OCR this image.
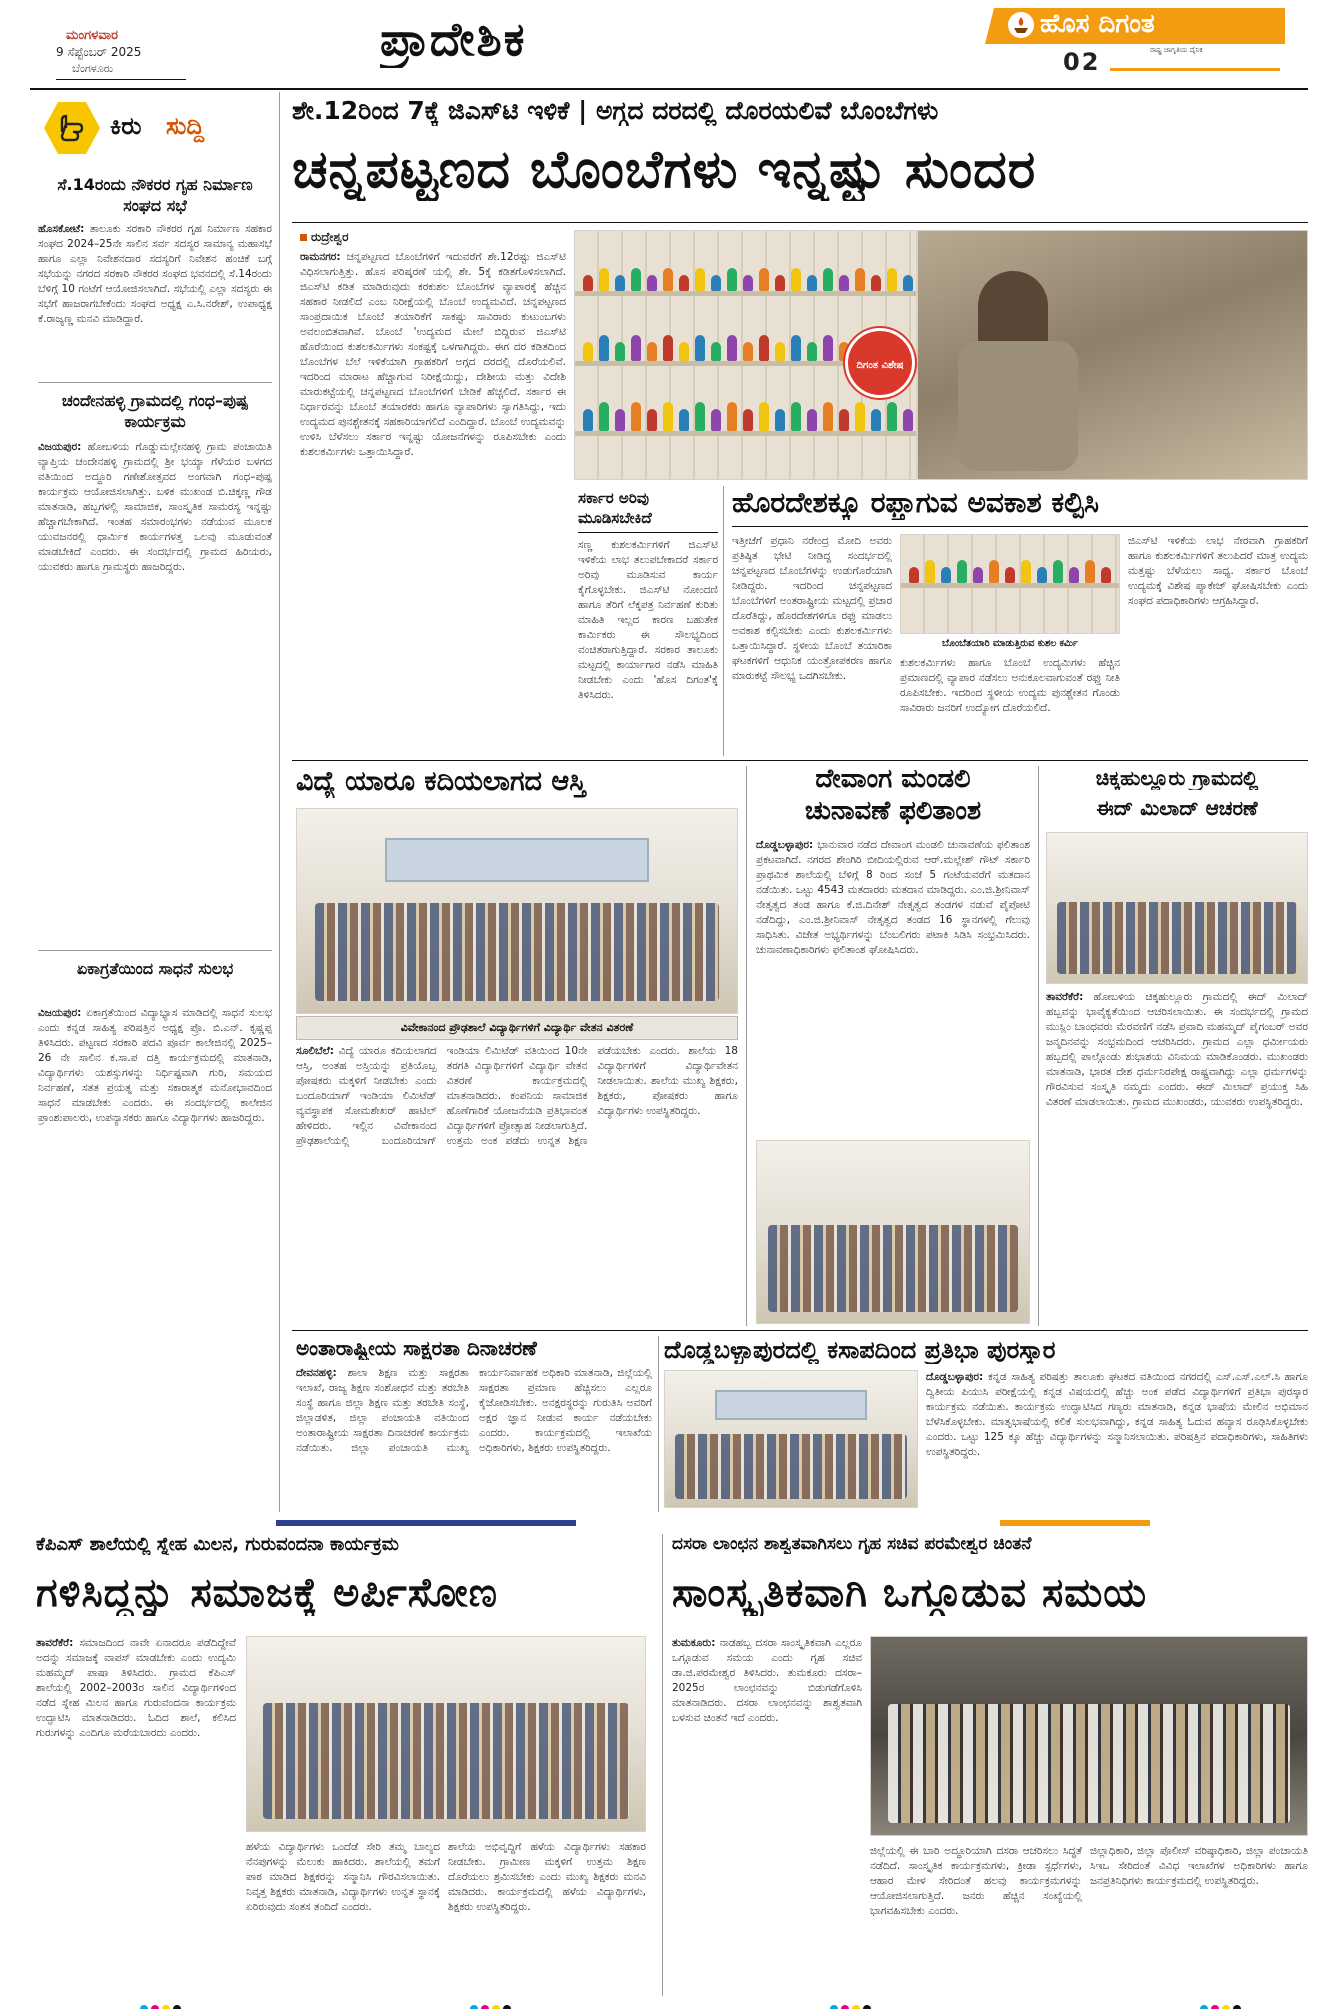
ಮಂಗಳವಾರ
9 ಸೆಪ್ಟೆಂಬರ್ 2025
ಬೆಂಗಳೂರು
ಪ್ರಾದೇಶಿಕ	ಹೊಸ ದಿಗಂತ
ರಾಷ್ಟ್ರ ಜಾಗೃತಿಯ ದೈನಿಕ
02
ಕಿರು ಸುದ್ದಿ
ಸೆ.14ರಂದು ನೌಕರರ ಗೃಹ ನಿರ್ಮಾಣ ಸಂಘದ ಸಭೆ
ಹೊಸಕೋಟೆ: ತಾಲೂಕು ಸರಕಾರಿ ನೌಕರರ ಗೃಹ ನಿರ್ಮಾಣ ಸಹಕಾರ ಸಂಘದ 2024–25ನೇ ಸಾಲಿನ ಸರ್ವ ಸದಸ್ಯರ ಸಾಮಾನ್ಯ ಮಹಾಸಭೆ ಹಾಗೂ ಎಲ್ಲಾ ನಿವೇಶನದಾರ ಸದಸ್ಯರಿಗೆ ನಿವೇಶನ ಹಂಚಿಕೆ ಬಗ್ಗೆ ಸಭೆಯನ್ನು ನಗರದ ಸರಕಾರಿ ನೌಕರರ ಸಂಘದ ಭವನದಲ್ಲಿ ಸೆ.14ರಂದು ಬೆಳಿಗ್ಗೆ 10 ಗಂಟೆಗೆ ಆಯೋಜಿಸಲಾಗಿದೆ. ಸಭೆಯಲ್ಲಿ ಎಲ್ಲಾ ಸದಸ್ಯರು ಈ ಸಭೆಗೆ ಹಾಜರಾಗಬೇಕೆಂದು ಸಂಘದ ಅಧ್ಯಕ್ಷ ಎ.ಸಿ.ನರೇಶ್, ಉಪಾಧ್ಯಕ್ಷ ಕೆ.ರಾಜ್ಯಣ್ಣ ಮನವಿ ಮಾಡಿದ್ದಾರೆ.
ಚಂದೇನಹಳ್ಳಿ ಗ್ರಾಮದಲ್ಲಿ ಗಂಧ–ಪುಷ್ಪ ಕಾರ್ಯಕ್ರಮ
ವಿಜಯಪುರ: ಹೋಬಳಿಯ ಗೊಡ್ಡುಮಲ್ಲೇನಹಳ್ಳಿ ಗ್ರಾಮ ಪಂಚಾಯಿತಿ ವ್ಯಾಪ್ತಿಯ ಚಂದೇನಹಳ್ಳಿ ಗ್ರಾಮದಲ್ಲಿ ಶ್ರೀ ಭಯ್ಯಾ ಗೆಳೆಯರ ಬಳಗದ ವತಿಯಿಂದ ಅದ್ಧೂರಿ ಗಣೇಶೋತ್ಸವದ ಅಂಗವಾಗಿ ಗಂಧ–ಪುಷ್ಪ ಕಾರ್ಯಕ್ರಮ ಆಯೋಜಿಸಲಾಗಿತ್ತು. ಬಳಿಕ ಮುಖಂಡ ಬಿ.ಚಿಕ್ಕಣ್ಣ ಗೌಡ ಮಾತನಾಡಿ, ಹಬ್ಬಗಳಲ್ಲಿ ಸಾಮಾಜಿಕ, ಸಾಂಸ್ಕೃತಿಕ ಸಾಮರಸ್ಯ ಇನ್ನಷ್ಟು ಹೆಚ್ಚಾಗಬೇಕಾಗಿದೆ. ಇಂತಹ ಸಮಾರಂಭಗಳು ನಡೆಯುವ ಮೂಲಕ ಯುವಜನರಲ್ಲಿ ಧಾರ್ಮಿಕ ಕಾರ್ಯಗಳತ್ತ ಒಲವು ಮೂಡುವಂತೆ ಮಾಡಬೇಕಿದೆ ಎಂದರು. ಈ ಸಂದರ್ಭದಲ್ಲಿ ಗ್ರಾಮದ ಹಿರಿಯರು, ಯುವಕರು ಹಾಗೂ ಗ್ರಾಮಸ್ಥರು ಹಾಜರಿದ್ದರು.
ಏಕಾಗ್ರತೆಯಿಂದ ಸಾಧನೆ ಸುಲಭ
ವಿಜಯಪುರ: ಏಕಾಗ್ರತೆಯಿಂದ ವಿದ್ಯಾಭ್ಯಾಸ ಮಾಡಿದಲ್ಲಿ ಸಾಧನೆ ಸುಲಭ ಎಂದು ಕನ್ನಡ ಸಾಹಿತ್ಯ ಪರಿಷತ್ತಿನ ಅಧ್ಯಕ್ಷ ಪ್ರೊ. ಬಿ.ಎನ್. ಕೃಷ್ಣಪ್ಪ ತಿಳಿಸಿದರು. ಪಟ್ಟಣದ ಸರಕಾರಿ ಪದವಿ ಪೂರ್ವ ಕಾಲೇಜಿನಲ್ಲಿ 2025–26 ನೇ ಸಾಲಿನ ಕ.ಸಾ.ಪ ದತ್ತಿ ಕಾರ್ಯಕ್ರಮದಲ್ಲಿ ಮಾತನಾಡಿ, ವಿದ್ಯಾರ್ಥಿಗಳು ಯಶಸ್ಸುಗಳನ್ನು ನಿರ್ಧಿಷ್ಟವಾಗಿ ಗುರಿ, ಸಮಯದ ನಿರ್ವಹಣೆ, ಸತತ ಪ್ರಯತ್ನ ಮತ್ತು ಸಕಾರಾತ್ಮಕ ಮನೋಭಾವದಿಂದ ಸಾಧನೆ ಮಾಡಬೇಕು ಎಂದರು. ಈ ಸಂದರ್ಭದಲ್ಲಿ ಕಾಲೇಜಿನ ಪ್ರಾಂಶುಪಾಲರು, ಉಪನ್ಯಾಸಕರು ಹಾಗೂ ವಿದ್ಯಾರ್ಥಿಗಳು ಹಾಜರಿದ್ದರು.
ಶೇ.12ರಿಂದ 7ಕ್ಕೆ ಜಿಎಸ್‌ಟಿ ಇಳಿಕೆ | ಅಗ್ಗದ ದರದಲ್ಲಿ ದೊರಯಲಿವೆ ಬೊಂಬೆಗಳು
ಚನ್ನಪಟ್ಟಣದ ಬೊಂಬೆಗಳು ಇನ್ನಷ್ಟು ಸುಂದರ
ರುದ್ರೇಶ್ವರ
ರಾಮನಗರ: ಚನ್ನಪಟ್ಟಣದ ಬೊಂಬೆಗಳಿಗೆ ಇದುವರೆಗೆ ಶೇ.12ರಷ್ಟು ಜಿಎಸ್‌ಟಿ ವಿಧಿಸಲಾಗುತ್ತಿತ್ತು. ಹೊಸ ಪರಿಷ್ಕರಣೆ ಯಲ್ಲಿ ಶೇ. 5ಕ್ಕೆ ಕಡಿತಗೊಳಿಸಲಾಗಿದೆ. ಜಿಎಸ್‌ಟಿ ಕಡಿತ ಮಾಡಿರುವುದು ಕರಕುಶಲ ಬೊಂಬೆಗಳ ವ್ಯಾಪಾರಕ್ಕೆ ಹೆಚ್ಚಿನ ಸಹಕಾರ ನೀಡಲಿದೆ ಎಂಬ ನಿರೀಕ್ಷೆಯಲ್ಲಿ ಬೊಂಬೆ ಉದ್ಯಮವಿದೆ. ಚನ್ನಪಟ್ಟಣದ ಸಾಂಪ್ರದಾಯಿಕ ಬೊಂಬೆ ತಯಾರಿಕೆಗೆ ಸಾಕಷ್ಟು ಸಾವಿರಾರು ಕುಟುಂಬಗಳು ಅವಲಂಬಿತವಾಗಿವೆ. ಬೊಂಬೆ 'ಉದ್ಯಮದ ಮೇಲೆ ಬಿದ್ದಿರುವ ಜಿಎಸ್‌ಟಿ ಹೊರೆಯಿಂದ ಕುಶಲಕರ್ಮಿಗಳು ಸಂಕಷ್ಟಕ್ಕೆ ಒಳಗಾಗಿದ್ದರು. ಈಗ ದರ ಕಡಿತದಿಂದ ಬೊಂಬೆಗಳ ಬೆಲೆ ಇಳಿಕೆಯಾಗಿ ಗ್ರಾಹಕರಿಗೆ ಅಗ್ಗದ ದರದಲ್ಲಿ ದೊರೆಯಲಿವೆ. ಇದರಿಂದ ಮಾರಾಟ ಹೆಚ್ಚಾಗುವ ನಿರೀಕ್ಷೆಯಿದ್ದು, ದೇಶೀಯ ಮತ್ತು ವಿದೇಶಿ ಮಾರುಕಟ್ಟೆಯಲ್ಲಿ ಚನ್ನಪಟ್ಟಣದ ಬೊಂಬೆಗಳಿಗೆ ಬೇಡಿಕೆ ಹೆಚ್ಚಲಿದೆ. ಸರ್ಕಾರ ಈ ನಿರ್ಧಾರವನ್ನು ಬೊಂಬೆ ತಯಾರಕರು ಹಾಗೂ ವ್ಯಾಪಾರಿಗಳು ಸ್ವಾಗತಿಸಿದ್ದು, ಇದು ಉದ್ಯಮದ ಪುನಶ್ಚೇತನಕ್ಕೆ ಸಹಕಾರಿಯಾಗಲಿದೆ ಎಂದಿದ್ದಾರೆ. ಬೊಂಬೆ ಉದ್ಯಮವನ್ನು ಉಳಿಸಿ ಬೆಳೆಸಲು ಸರ್ಕಾರ ಇನ್ನಷ್ಟು ಯೋಜನೆಗಳನ್ನು ರೂಪಿಸಬೇಕು ಎಂದು ಕುಶಲಕರ್ಮಿಗಳು ಒತ್ತಾಯಿಸಿದ್ದಾರೆ.
ದಿಗಂತ ವಿಶೇಷ
ಸರ್ಕಾರ ಅರಿವು ಮೂಡಿಸಬೇಕಿದೆ
ಸಣ್ಣ ಕುಶಲಕರ್ಮಿಗಳಿಗೆ ಜಿಎಸ್‌ಟಿ ಇಳಿಕೆಯ ಲಾಭ ತಲುಪಬೇಕಾದರೆ ಸರ್ಕಾರ ಅರಿವು ಮೂಡಿಸುವ ಕಾರ್ಯ ಕೈಗೊಳ್ಳಬೇಕು. ಜಿಎಸ್‌ಟಿ ನೋಂದಣಿ ಹಾಗೂ ತೆರಿಗೆ ಲೆಕ್ಕಪತ್ರ ನಿರ್ವಹಣೆ ಕುರಿತು ಮಾಹಿತಿ ಇಲ್ಲದ ಕಾರಣ ಬಹುತೇಕ ಕಾರ್ಮಿಕರು ಈ ಸೌಲಭ್ಯದಿಂದ ವಂಚಿತರಾಗುತ್ತಿದ್ದಾರೆ. ಸರಕಾರ ತಾಲೂಕು ಮಟ್ಟದಲ್ಲಿ ಕಾರ್ಯಾಗಾರ ನಡೆಸಿ ಮಾಹಿತಿ ನೀಡಬೇಕು ಎಂದು 'ಹೊಸ ದಿಗಂತ'ಕ್ಕೆ ತಿಳಿಸಿದರು.
ಹೊರದೇಶಕ್ಕೂ ರಫ್ತಾಗುವ ಅವಕಾಶ ಕಲ್ಪಿಸಿ
ಇತ್ತೀಚೆಗೆ ಪ್ರಧಾನಿ ನರೇಂದ್ರ ಮೋದಿ ಅವರು ಪ್ರತಿಷ್ಠಿತ ಭೇಟಿ ನೀಡಿದ್ದ ಸಂದರ್ಭದಲ್ಲಿ ಚನ್ನಪಟ್ಟಣದ ಬೊಂಬೆಗಳನ್ನು ಉಡುಗೊರೆಯಾಗಿ ನೀಡಿದ್ದರು. ಇದರಿಂದ ಚನ್ನಪಟ್ಟಣದ ಬೊಂಬೆಗಳಿಗೆ ಅಂತರಾಷ್ಟ್ರೀಯ ಮಟ್ಟದಲ್ಲಿ ಪ್ರಚಾರ ದೊರೆತಿದ್ದು, ಹೊರದೇಶಗಳಿಗೂ ರಫ್ತು ಮಾಡಲು ಅವಕಾಶ ಕಲ್ಪಿಸಬೇಕು ಎಂದು ಕುಶಲಕರ್ಮಿಗಳು ಒತ್ತಾಯಿಸಿದ್ದಾರೆ. ಸ್ಥಳೀಯ ಬೊಂಬೆ ತಯಾರಿಕಾ ಘಟಕಗಳಿಗೆ ಆಧುನಿಕ ಯಂತ್ರೋಪಕರಣ ಹಾಗೂ ಮಾರುಕಟ್ಟೆ ಸೌಲಭ್ಯ ಒದಗಿಸಬೇಕು.
ಬೊಂಬೆತಯಾರಿ ಮಾಡುತ್ತಿರುವ ಕುಶಲ ಕರ್ಮಿ
ಕುಶಲಕರ್ಮಿಗಳು ಹಾಗೂ ಬೊಂಬೆ ಉದ್ಯಮಿಗಳು ಹೆಚ್ಚಿನ ಪ್ರಮಾಣದಲ್ಲಿ ವ್ಯಾಪಾರ ನಡೆಸಲು ಅನುಕೂಲವಾಗುವಂತೆ ರಫ್ತು ನೀತಿ ರೂಪಿಸಬೇಕು. ಇದರಿಂದ ಸ್ಥಳೀಯ ಉದ್ಯಮ ಪುನಶ್ಚೇತನ ಗೊಂಡು ಸಾವಿರಾರು ಜನರಿಗೆ ಉದ್ಯೋಗ ದೊರೆಯಲಿದೆ.
ಜಿಎಸ್‌ಟಿ ಇಳಿಕೆಯ ಲಾಭ ನೇರವಾಗಿ ಗ್ರಾಹಕರಿಗೆ ಹಾಗೂ ಕುಶಲಕರ್ಮಿಗಳಿಗೆ ತಲುಪಿದರೆ ಮಾತ್ರ ಉದ್ಯಮ ಮತ್ತಷ್ಟು ಬೆಳೆಯಲು ಸಾಧ್ಯ. ಸರ್ಕಾರ ಬೊಂಬೆ ಉದ್ಯಮಕ್ಕೆ ವಿಶೇಷ ಪ್ಯಾಕೇಜ್ ಘೋಷಿಸಬೇಕು ಎಂದು ಸಂಘದ ಪದಾಧಿಕಾರಿಗಳು ಆಗ್ರಹಿಸಿದ್ದಾರೆ.
ವಿದ್ಯೆ ಯಾರೂ ಕದಿಯಲಾಗದ ಆಸ್ತಿ
ವಿವೇಕಾನಂದ ಪ್ರೌಢಶಾಲೆ ವಿದ್ಯಾರ್ಥಿಗಳಿಗೆ ವಿದ್ಯಾರ್ಥಿ ವೇತನ ವಿತರಣೆ
ಸೂಲಿಬೆಲೆ: ವಿದ್ಯೆ ಯಾರೂ ಕದಿಯಲಾಗದ ಆಸ್ತಿ, ಅಂತಹ ಅಸ್ತಿಯನ್ನು ಪ್ರತಿಯೊಬ್ಬ ಪೋಷಕರು ಮಕ್ಕಳಿಗೆ ನೀಡಬೇಕು ಎಂದು ಬಂದೂರಿಯಾಗ್ ಇಂಡಿಯಾ ಲಿಮಿಟೆಡ್ ವ್ಯವಸ್ಥಾಪಕ ಸೋಮಶೇಖರ್ ಹಾಟಿಲ್ ಹೇಳಿದರು. ಇಲ್ಲಿನ ವಿವೇಕಾನಂದ ಪ್ರೌಢಶಾಲೆಯಲ್ಲಿ ಬಂದೂರಿಯಾಗ್ ಇಂಡಿಯಾ ಲಿಮಿಟೆಡ್ ವತಿಯಿಂದ 10ನೇ ತರಗತಿ ವಿದ್ಯಾರ್ಥಿಗಳಿಗೆ ವಿದ್ಯಾರ್ಥಿ ವೇತನ ವಿತರಣೆ ಕಾರ್ಯಕ್ರಮದಲ್ಲಿ ಮಾತನಾಡಿದರು. ಕಂಪನಿಯ ಸಾಮಾಜಿಕ ಹೊಣೆಗಾರಿಕೆ ಯೋಜನೆಯಡಿ ಪ್ರತಿಭಾವಂತ ವಿದ್ಯಾರ್ಥಿಗಳಿಗೆ ಪ್ರೋತ್ಸಾಹ ನೀಡಲಾಗುತ್ತಿದೆ. ಉತ್ತಮ ಅಂಕ ಪಡೆದು ಉನ್ನತ ಶಿಕ್ಷಣ ಪಡೆಯಬೇಕು ಎಂದರು. ಶಾಲೆಯ 18 ವಿದ್ಯಾರ್ಥಿಗಳಿಗೆ ವಿದ್ಯಾರ್ಥಿವೇತನ ನೀಡಲಾಯಿತು. ಶಾಲೆಯ ಮುಖ್ಯ ಶಿಕ್ಷಕರು, ಶಿಕ್ಷಕರು, ಪೋಷಕರು ಹಾಗೂ ವಿದ್ಯಾರ್ಥಿಗಳು ಉಪಸ್ಥಿತರಿದ್ದರು.
ದೇವಾಂಗ ಮಂಡಲಿ
ಚುನಾವಣೆ ಫಲಿತಾಂಶ
ದೊಡ್ಡಬಳ್ಳಾಪುರ: ಭಾನುವಾರ ನಡೆದ ದೇವಾಂಗ ಮಂಡಲಿ ಚುನಾವಣೆಯ ಫಲಿತಾಂಶ ಪ್ರಕಟವಾಗಿದೆ. ನಗರದ ಶೇಂಗಿರಿ ಬೀದಿಯಲ್ಲಿರುವ ಆರ್.ಮಲ್ಲೇಶ್ ಗೌಟ್ ಸರ್ಕಾರಿ ಪ್ರಾಥಮಿಕ ಶಾಲೆಯಲ್ಲಿ ಬೆಳಿಗ್ಗೆ 8 ರಿಂದ ಸಂಜೆ 5 ಗಂಟೆಯವರೆಗೆ ಮತದಾನ ನಡೆಯಿತು. ಒಟ್ಟು 4543 ಮತದಾರರು ಮತದಾನ ಮಾಡಿದ್ದರು. ಎಂ.ಜಿ.ಶ್ರೀನಿವಾಸ್ ನೇತೃತ್ವದ ತಂಡ ಹಾಗೂ ಕೆ.ಜಿ.ದಿನೇಶ್ ನೇತೃತ್ವದ ತಂಡಗಳ ನಡುವೆ ಪೈಪೋಟಿ ನಡೆದಿದ್ದು, ಎಂ.ಜಿ.ಶ್ರೀನಿವಾಸ್ ನೇತೃತ್ವದ ತಂಡದ 16 ಸ್ಥಾನಗಳಲ್ಲಿ ಗೆಲುವು ಸಾಧಿಸಿತು. ವಿಜೇತ ಅಭ್ಯರ್ಥಿಗಳನ್ನು ಬೆಂಬಲಿಗರು ಪಟಾಕಿ ಸಿಡಿಸಿ ಸಂಭ್ರಮಿಸಿದರು. ಚುನಾವಣಾಧಿಕಾರಿಗಳು ಫಲಿತಾಂಶ ಘೋಷಿಸಿದರು.
ಚಿಕ್ಕಹುಲ್ಲೂರು ಗ್ರಾಮದಲ್ಲಿ
ಈದ್ ಮಿಲಾದ್ ಆಚರಣೆ
ತಾವರೆಕೆರೆ: ಹೋಬಳಿಯ ಚಿಕ್ಕಹುಲ್ಲೂರು ಗ್ರಾಮದಲ್ಲಿ ಈದ್ ಮಿಲಾದ್ ಹಬ್ಬವನ್ನು ಭಾವೈಕ್ಯತೆಯಿಂದ ಆಚರಿಸಲಾಯಿತು. ಈ ಸಂದರ್ಭದಲ್ಲಿ ಗ್ರಾಮದ ಮುಸ್ಲಿಂ ಬಾಂಧವರು ಮೆರವಣಿಗೆ ನಡೆಸಿ ಪ್ರವಾದಿ ಮಹಮ್ಮದ್ ಪೈಗಂಬರ್ ಅವರ ಜನ್ಮದಿನವನ್ನು ಸಂಭ್ರಮದಿಂದ ಆಚರಿಸಿದರು. ಗ್ರಾಮದ ಎಲ್ಲಾ ಧರ್ಮೀಯರು ಹಬ್ಬದಲ್ಲಿ ಪಾಲ್ಗೊಂಡು ಶುಭಾಶಯ ವಿನಿಮಯ ಮಾಡಿಕೊಂಡರು. ಮುಖಂಡರು ಮಾತನಾಡಿ, ಭಾರತ ದೇಶ ಧರ್ಮನಿರಪೇಕ್ಷ ರಾಷ್ಟ್ರವಾಗಿದ್ದು ಎಲ್ಲಾ ಧರ್ಮಗಳನ್ನು ಗೌರವಿಸುವ ಸಂಸ್ಕೃತಿ ನಮ್ಮದು ಎಂದರು. ಈದ್ ಮಿಲಾದ್ ಪ್ರಯುಕ್ತ ಸಿಹಿ ವಿತರಣೆ ಮಾಡಲಾಯಿತು. ಗ್ರಾಮದ ಮುಖಂಡರು, ಯುವಕರು ಉಪಸ್ಥಿತರಿದ್ದರು.
ಅಂತಾರಾಷ್ಟ್ರೀಯ ಸಾಕ್ಷರತಾ ದಿನಾಚರಣೆ
ದೇವನಹಳ್ಳಿ: ಶಾಲಾ ಶಿಕ್ಷಣ ಮತ್ತು ಸಾಕ್ಷರತಾ ಇಲಾಖೆ, ರಾಜ್ಯ ಶಿಕ್ಷಣ ಸಂಶೋಧನೆ ಮತ್ತು ತರಬೇತಿ ಸಂಸ್ಥೆ ಹಾಗೂ ಜಿಲ್ಲಾ ಶಿಕ್ಷಣ ಮತ್ತು ತರಬೇತಿ ಸಂಸ್ಥೆ, ಜಿಲ್ಲಾಡಳಿತ, ಜಿಲ್ಲಾ ಪಂಚಾಯತಿ ವತಿಯಿಂದ ಅಂತಾರಾಷ್ಟ್ರೀಯ ಸಾಕ್ಷರತಾ ದಿನಾಚರಣೆ ಕಾರ್ಯಕ್ರಮ ನಡೆಯಿತು. ಜಿಲ್ಲಾ ಪಂಚಾಯತಿ ಮುಖ್ಯ ಕಾರ್ಯನಿರ್ವಾಹಕ ಅಧಿಕಾರಿ ಮಾತನಾಡಿ, ಜಿಲ್ಲೆಯಲ್ಲಿ ಸಾಕ್ಷರತಾ ಪ್ರಮಾಣ ಹೆಚ್ಚಿಸಲು ಎಲ್ಲರೂ ಕೈಜೋಡಿಸಬೇಕು. ಅನಕ್ಷರಸ್ಥರನ್ನು ಗುರುತಿಸಿ ಅವರಿಗೆ ಅಕ್ಷರ ಜ್ಞಾನ ನೀಡುವ ಕಾರ್ಯ ನಡೆಯಬೇಕು ಎಂದರು. ಕಾರ್ಯಕ್ರಮದಲ್ಲಿ ಇಲಾಖೆಯ ಅಧಿಕಾರಿಗಳು, ಶಿಕ್ಷಕರು ಉಪಸ್ಥಿತರಿದ್ದರು.
ದೊಡ್ಡಬಳ್ಳಾಪುರದಲ್ಲಿ ಕಸಾಪದಿಂದ ಪ್ರತಿಭಾ ಪುರಸ್ಕಾರ
ದೊಡ್ಡಬಳ್ಳಾಪುರ: ಕನ್ನಡ ಸಾಹಿತ್ಯ ಪರಿಷತ್ತು ತಾಲೂಕು ಘಟಕದ ವತಿಯಿಂದ ನಗರದಲ್ಲಿ ಎಸ್.ಎಸ್.ಎಲ್.ಸಿ ಹಾಗೂ ದ್ವಿತೀಯ ಪಿಯುಸಿ ಪರೀಕ್ಷೆಯಲ್ಲಿ ಕನ್ನಡ ವಿಷಯದಲ್ಲಿ ಹೆಚ್ಚು ಅಂಕ ಪಡೆದ ವಿದ್ಯಾರ್ಥಿಗಳಿಗೆ ಪ್ರತಿಭಾ ಪುರಸ್ಕಾರ ಕಾರ್ಯಕ್ರಮ ನಡೆಯಿತು. ಕಾರ್ಯಕ್ರಮ ಉದ್ಘಾಟಿಸಿದ ಗಣ್ಯರು ಮಾತನಾಡಿ, ಕನ್ನಡ ಭಾಷೆಯ ಮೇಲಿನ ಅಭಿಮಾನ ಬೆಳೆಸಿಕೊಳ್ಳಬೇಕು. ಮಾತೃಭಾಷೆಯಲ್ಲಿ ಕಲಿಕೆ ಸುಲಭವಾಗಿದ್ದು, ಕನ್ನಡ ಸಾಹಿತ್ಯ ಓದುವ ಹವ್ಯಾಸ ರೂಢಿಸಿಕೊಳ್ಳಬೇಕು ಎಂದರು. ಒಟ್ಟು 125 ಕ್ಕೂ ಹೆಚ್ಚು ವಿದ್ಯಾರ್ಥಿಗಳನ್ನು ಸನ್ಮಾನಿಸಲಾಯಿತು. ಪರಿಷತ್ತಿನ ಪದಾಧಿಕಾರಿಗಳು, ಸಾಹಿತಿಗಳು ಉಪಸ್ಥಿತರಿದ್ದರು.
ಕೆಪಿಎಸ್ ಶಾಲೆಯಲ್ಲಿ ಸ್ನೇಹ ಮಿಲನ, ಗುರುವಂದನಾ ಕಾರ್ಯಕ್ರಮ
ಗಳಿಸಿದ್ದನ್ನು ಸಮಾಜಕ್ಕೆ ಅರ್ಪಿಸೋಣ
ತಾವರೆಕೆರೆ: ಸಮಾಜದಿಂದ ನಾವೇ ಏನಾದರೂ ಪಡೆದಿದ್ದೇವೆ ಅದನ್ನು ಸಮಾಜಕ್ಕೆ ವಾಪಸ್ ಮಾಡಬೇಕು ಎಂದು ಉದ್ಯಮಿ ಮಹಮ್ಮದ್ ಪಾಷಾ ತಿಳಿಸಿದರು. ಗ್ರಾಮದ ಕೆಪಿಎಸ್ ಶಾಲೆಯಲ್ಲಿ 2002–2003ರ ಸಾಲಿನ ವಿದ್ಯಾರ್ಥಿಗಳಿಂದ ನಡೆದ ಸ್ನೇಹ ಮಿಲನ ಹಾಗೂ ಗುರುವಂದನಾ ಕಾರ್ಯಕ್ರಮ ಉದ್ಘಾಟಿಸಿ ಮಾತನಾಡಿದರು. ಓದಿದ ಶಾಲೆ, ಕಲಿಸಿದ ಗುರುಗಳನ್ನು ಎಂದಿಗೂ ಮರೆಯಬಾರದು ಎಂದರು.
ಹಳೆಯ ವಿದ್ಯಾರ್ಥಿಗಳು ಒಂದೆಡೆ ಸೇರಿ ತಮ್ಮ ಬಾಲ್ಯದ ನೆನಪುಗಳನ್ನು ಮೆಲುಕು ಹಾಕಿದರು. ಶಾಲೆಯಲ್ಲಿ ತಮಗೆ ಪಾಠ ಮಾಡಿದ ಶಿಕ್ಷಕರನ್ನು ಸನ್ಮಾನಿಸಿ ಗೌರವಿಸಲಾಯಿತು. ನಿವೃತ್ತ ಶಿಕ್ಷಕರು ಮಾತನಾಡಿ, ವಿದ್ಯಾರ್ಥಿಗಳು ಉನ್ನತ ಸ್ಥಾನಕ್ಕೆ ಏರಿರುವುದು ಸಂತಸ ತಂದಿದೆ ಎಂದರು.
ಶಾಲೆಯ ಅಭಿವೃದ್ಧಿಗೆ ಹಳೆಯ ವಿದ್ಯಾರ್ಥಿಗಳು ಸಹಕಾರ ನೀಡಬೇಕು. ಗ್ರಾಮೀಣ ಮಕ್ಕಳಿಗೆ ಉತ್ತಮ ಶಿಕ್ಷಣ ದೊರೆಯಲು ಶ್ರಮಿಸಬೇಕು ಎಂದು ಮುಖ್ಯ ಶಿಕ್ಷಕರು ಮನವಿ ಮಾಡಿದರು. ಕಾರ್ಯಕ್ರಮದಲ್ಲಿ ಹಳೆಯ ವಿದ್ಯಾರ್ಥಿಗಳು, ಶಿಕ್ಷಕರು ಉಪಸ್ಥಿತರಿದ್ದರು.
ದಸರಾ ಲಾಂಛನ ಶಾಶ್ವತವಾಗಿಸಲು ಗೃಹ ಸಚಿವ ಪರಮೇಶ್ವರ ಚಿಂತನೆ
ಸಾಂಸ್ಕೃತಿಕವಾಗಿ ಒಗ್ಗೂಡುವ ಸಮಯ
ತುಮಕೂರು: ನಾಡಹಬ್ಬ ದಸರಾ ಸಾಂಸ್ಕೃತಿಕವಾಗಿ ಎಲ್ಲರೂ ಒಗ್ಗೂಡುವ ಸಮಯ ಎಂದು ಗೃಹ ಸಚಿವ ಡಾ.ಜಿ.ಪರಮೇಶ್ವರ ತಿಳಿಸಿದರು. ತುಮಕೂರು ದಸರಾ–2025ರ ಲಾಂಛನವನ್ನು ಬಿಡುಗಡೆಗೊಳಿಸಿ ಮಾತನಾಡಿದರು. ದಸರಾ ಲಾಂಛನವನ್ನು ಶಾಶ್ವತವಾಗಿ ಬಳಸುವ ಚಿಂತನೆ ಇದೆ ಎಂದರು.
ಜಿಲ್ಲೆಯಲ್ಲಿ ಈ ಬಾರಿ ಅದ್ಧೂರಿಯಾಗಿ ದಸರಾ ಆಚರಿಸಲು ಸಿದ್ಧತೆ ನಡೆದಿದೆ. ಸಾಂಸ್ಕೃತಿಕ ಕಾರ್ಯಕ್ರಮಗಳು, ಕ್ರೀಡಾ ಸ್ಪರ್ಧೆಗಳು, ಆಹಾರ ಮೇಳ ಸೇರಿದಂತೆ ಹಲವು ಕಾರ್ಯಕ್ರಮಗಳನ್ನು ಆಯೋಜಿಸಲಾಗುತ್ತಿದೆ. ಜನರು ಹೆಚ್ಚಿನ ಸಂಖ್ಯೆಯಲ್ಲಿ ಭಾಗವಹಿಸಬೇಕು ಎಂದರು.
ಜಿಲ್ಲಾಧಿಕಾರಿ, ಜಿಲ್ಲಾ ಪೊಲೀಸ್ ವರಿಷ್ಠಾಧಿಕಾರಿ, ಜಿಲ್ಲಾ ಪಂಚಾಯತಿ ಸಿಇಒ ಸೇರಿದಂತೆ ವಿವಿಧ ಇಲಾಖೆಗಳ ಅಧಿಕಾರಿಗಳು ಹಾಗೂ ಜನಪ್ರತಿನಿಧಿಗಳು ಕಾರ್ಯಕ್ರಮದಲ್ಲಿ ಉಪಸ್ಥಿತರಿದ್ದರು.
